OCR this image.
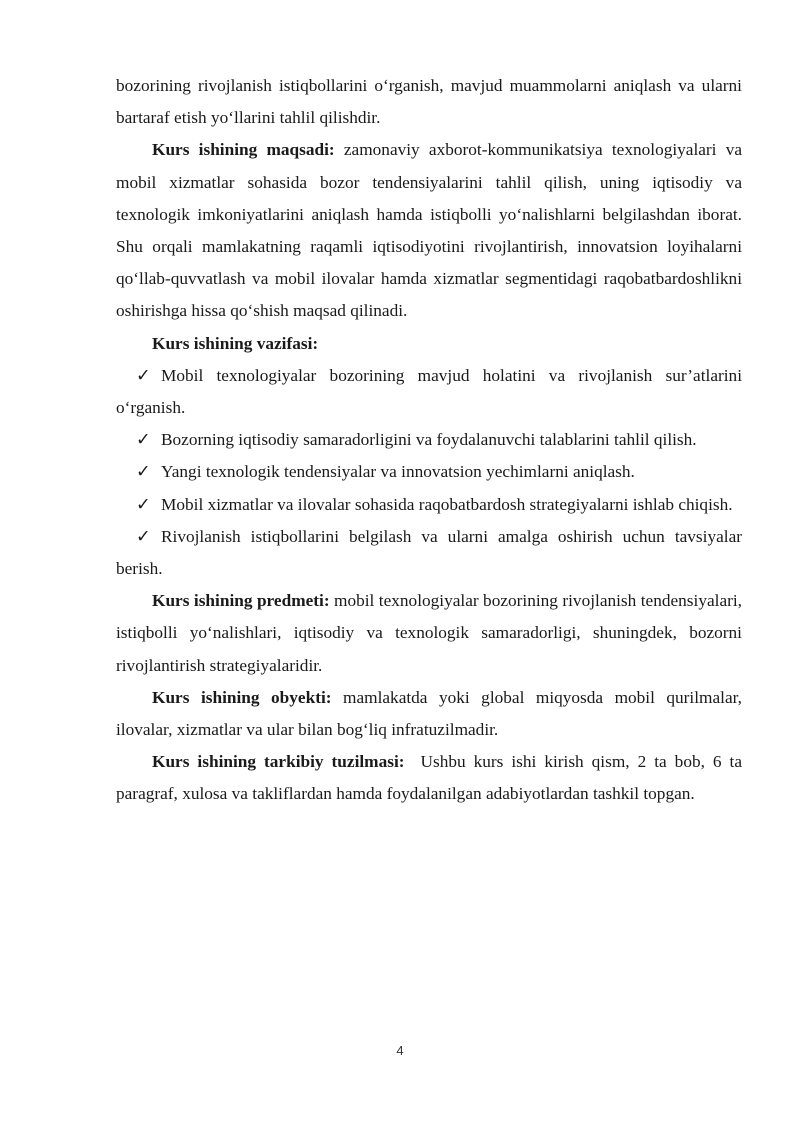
bozorining rivojlanish istiqbollarini o‘rganish, mavjud muammolarni aniqlash va ularni bartaraf etish yo‘llarini tahlil qilishdir.

Kurs ishining maqsadi: zamonaviy axborot-kommunikatsiya texnologiyalari va mobil xizmatlar sohasida bozor tendensiyalarini tahlil qilish, uning iqtisodiy va texnologik imkoniyatlarini aniqlash hamda istiqbolli yo‘nalishlarni belgilashdan iborat. Shu orqali mamlakatning raqamli iqtisodiyotini rivojlantirish, innovatsion loyihalarni qo‘llab-quvvatlash va mobil ilovalar hamda xizmatlar segmentidagi raqobatbardoshlikni oshirishga hissa qo‘shish maqsad qilinadi.

Kurs ishining vazifasi:

✓ Mobil texnologiyalar bozorining mavjud holatini va rivojlanish sur’atlarini o‘rganish.

✓ Bozorning iqtisodiy samaradorligini va foydalanuvchi talablarini tahlil qilish.

✓ Yangi texnologik tendensiyalar va innovatsion yechimlarni aniqlash.

✓ Mobil xizmatlar va ilovalar sohasida raqobatbardosh strategiyalarni ishlab chiqish.

✓ Rivojlanish istiqbollarini belgilash va ularni amalga oshirish uchun tavsiyalar berish.

Kurs ishining predmeti: mobil texnologiyalar bozorining rivojlanish tendensiyalari, istiqbolli yo‘nalishlari, iqtisodiy va texnologik samaradorligi, shuningdek, bozorni rivojlantirish strategiyalaridir.

Kurs ishining obyekti: mamlakatda yoki global miqyosda mobil qurilmalar, ilovalar, xizmatlar va ular bilan bog‘liq infratuzilmadir.

Kurs ishining tarkibiy tuzilmasi:  Ushbu kurs ishi kirish qism, 2 ta bob, 6 ta paragraf, xulosa va takliflardan hamda foydalanilgan adabiyotlardan tashkil topgan.

4
